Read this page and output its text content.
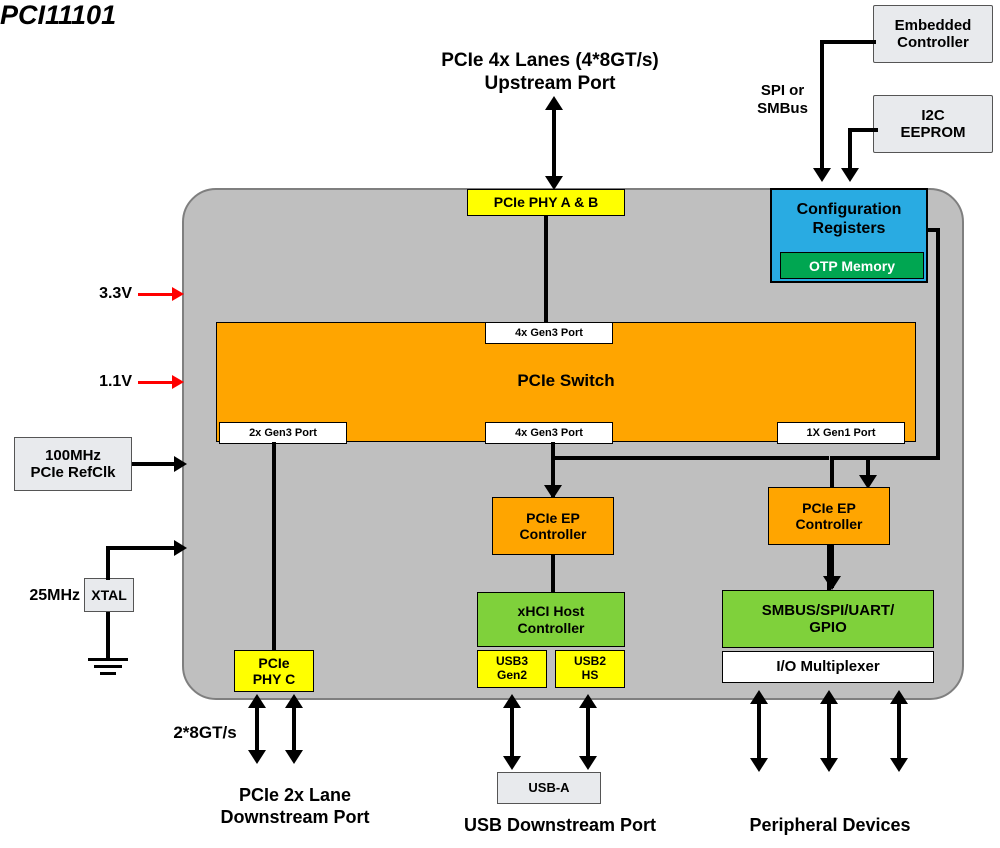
PCIe 4x Lanes (4*8GT/s)
Upstream Port	SPI or
SMBus
Embedded
Controller
I2C
EEPROM
100MHz
PCIe RefClk
XTAL
USB-A
PCI11101
PCIe PHY A & B	Configuration
Registers
OTP Memory
3.3V
1.1V	PCIe Switch
4x Gen3 Port
2x Gen3 Port	4x Gen3 Port	1X Gen1 Port
PCIe EP
Controller
PCIe EP
Controller
xHCI Host
Controller
USB3
Gen2
USB2
HS
SMBUS/SPI/UART/
GPIO
I/O Multiplexer
PCIe
PHY C
25MHz
2*8GT/s
PCIe 2x Lane
Downstream Port	USB Downstream Port	Peripheral Devices
